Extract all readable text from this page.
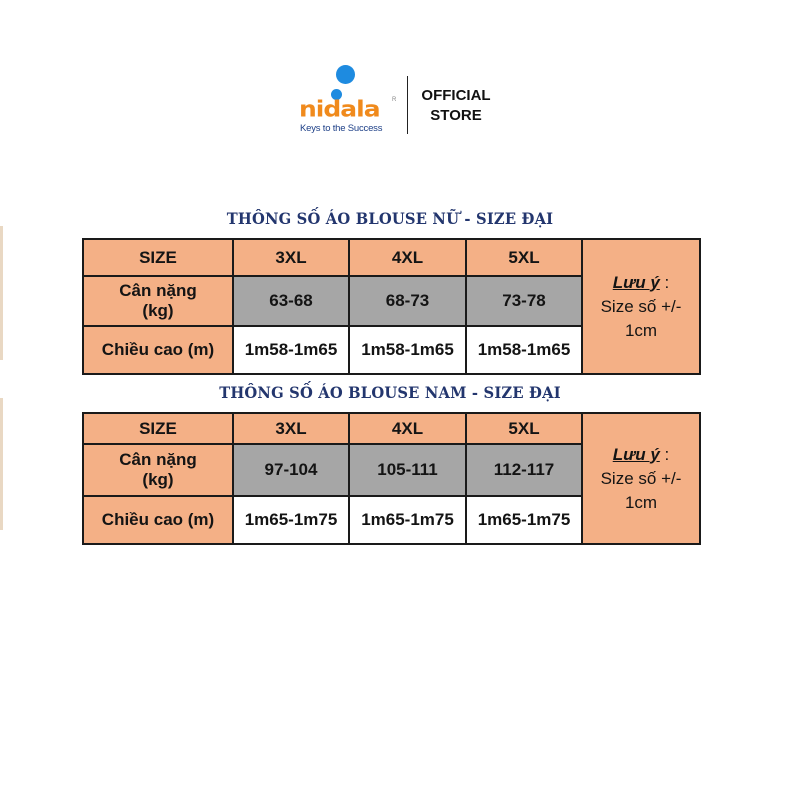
nidala R
Keys to the Success
OFFICIAL
STORE
THÔNG SỐ ÁO BLOUSE NỮ - SIZE ĐẠI
SIZE	3XL	4XL	5XL	Lưu ý :
Size số +/-
1cm

Cân nặng
(kg)	63-68	68-73	73-78	
Chiều cao (m)	1m58-1m65	1m58-1m65	1m58-1m65	
THÔNG SỐ ÁO BLOUSE NAM - SIZE ĐẠI
SIZE	3XL	4XL	5XL	Lưu ý :
Size số +/-
1cm

Cân nặng
(kg)	97-104	105-111	112-117	
Chiều cao (m)	1m65-1m75	1m65-1m75	1m65-1m75	
